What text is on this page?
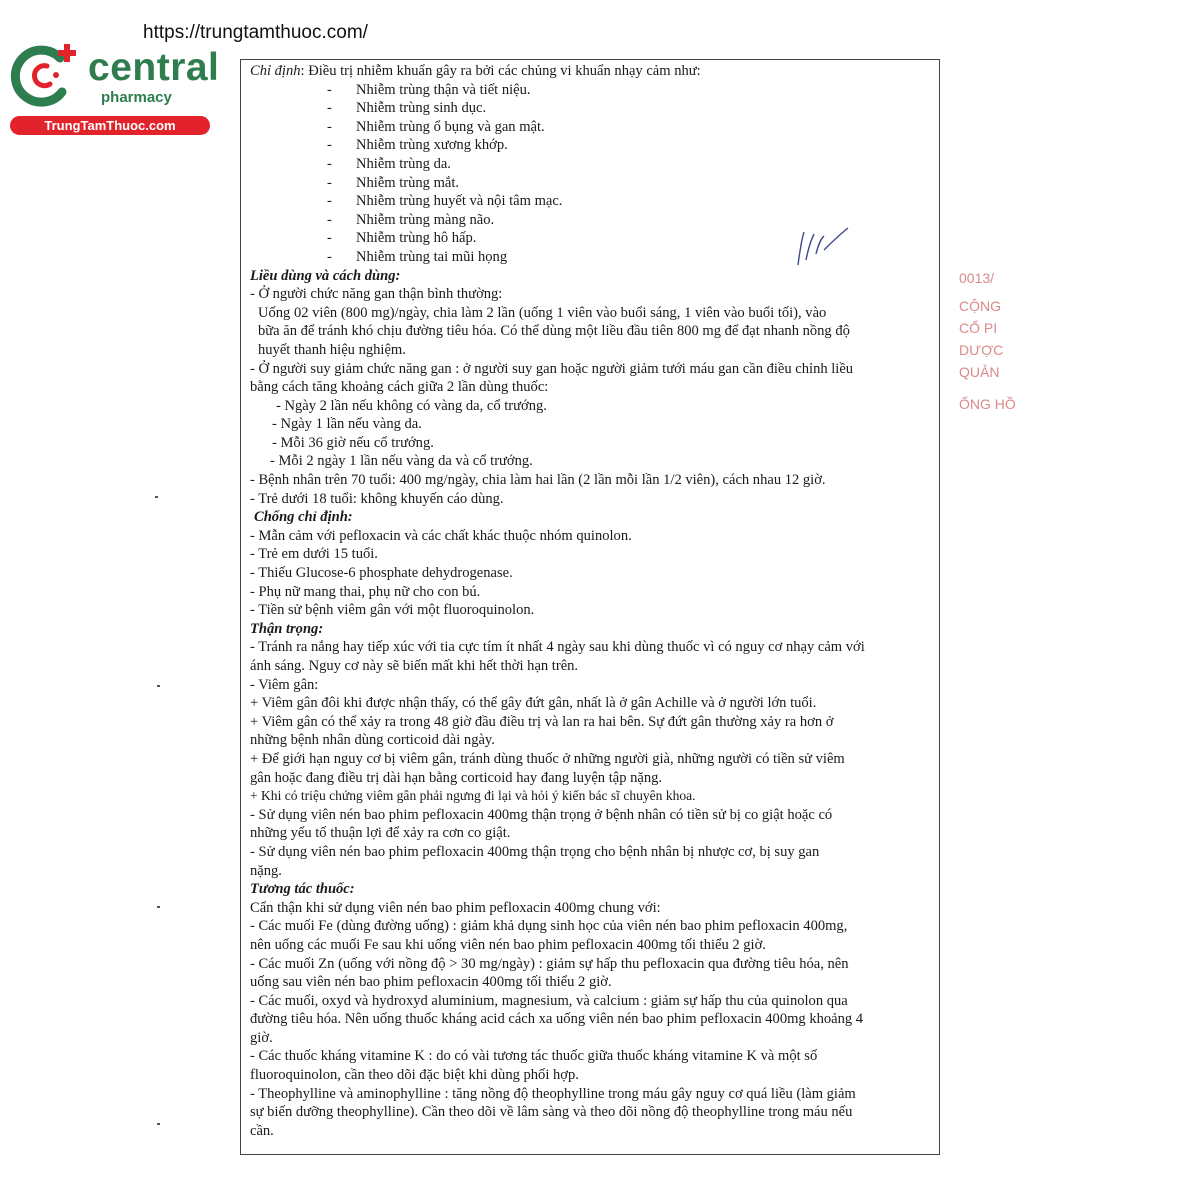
https://trungtamthuoc.com/
central
pharmacy
TrungTamThuoc.com
0013/
CỘNG
CỔ PI
DƯỢC
QUẢN
ỐNG HỒ
Chỉ định: Điều trị nhiễm khuẩn gây ra bởi các chủng vi khuẩn nhạy cảm như:
- Nhiễm trùng thận và tiết niệu.
- Nhiễm trùng sinh dục.
- Nhiễm trùng ổ bụng và gan mật.
- Nhiễm trùng xương khớp.
- Nhiễm trùng da.
- Nhiễm trùng mắt.
- Nhiễm trùng huyết và nội tâm mạc.
- Nhiễm trùng màng não.
- Nhiễm trùng hô hấp.
- Nhiễm trùng tai mũi họng
Liều dùng và cách dùng:
- Ở người chức năng gan thận bình thường:
Uống 02 viên (800 mg)/ngày, chia làm 2 lần (uống 1 viên vào buổi sáng, 1 viên vào buổi tối), vào
bữa ăn để tránh khó chịu đường tiêu hóa. Có thể dùng một liều đầu tiên 800 mg để đạt nhanh nồng độ
huyết thanh hiệu nghiệm.
- Ở người suy giảm chức năng gan : ở người suy gan hoặc người giảm tưới máu gan cần điều chỉnh liều
bằng cách tăng khoảng cách giữa 2 lần dùng thuốc:
- Ngày 2 lần nếu không có vàng da, cổ trướng.
- Ngày 1 lần nếu vàng da.
- Mỗi 36 giờ nếu cổ trướng.
- Mỗi 2 ngày 1 lần nếu vàng da và cổ trướng.
- Bệnh nhân trên 70 tuổi: 400 mg/ngày, chia làm hai lần (2 lần mỗi lần 1/2 viên), cách nhau 12 giờ.
- Trẻ dưới 18 tuổi: không khuyến cáo dùng.
Chống chỉ định:
- Mẫn cảm với pefloxacin và các chất khác thuộc nhóm quinolon.
- Trẻ em dưới 15 tuổi.
- Thiếu Glucose-6 phosphate dehydrogenase.
- Phụ nữ mang thai, phụ nữ cho con bú.
- Tiền sử bệnh viêm gân với một fluoroquinolon.
Thận trọng:
- Tránh ra nắng hay tiếp xúc với tia cực tím ít nhất 4 ngày sau khi dùng thuốc vì có nguy cơ nhạy cảm với
ánh sáng. Nguy cơ này sẽ biến mất khi hết thời hạn trên.
- Viêm gân:
+ Viêm gân đôi khi được nhận thấy, có thể gây đứt gân, nhất là ở gân Achille và ở người lớn tuổi.
+ Viêm gân có thể xảy ra trong 48 giờ đầu điều trị và lan ra hai bên. Sự đứt gân thường xảy ra hơn ở
những bệnh nhân dùng corticoid dài ngày.
+ Để giới hạn nguy cơ bị viêm gân, tránh dùng thuốc ở những người già, những người có tiền sử viêm
gân hoặc đang điều trị dài hạn bằng corticoid hay đang luyện tập nặng.
+ Khi có triệu chứng viêm gân phải ngưng đi lại và hỏi ý kiến bác sĩ chuyên khoa.
- Sử dụng viên nén bao phim pefloxacin 400mg thận trọng ở bệnh nhân có tiền sử bị co giật hoặc có
những yếu tố thuận lợi để xảy ra cơn co giật.
- Sử dụng viên nén bao phim pefloxacin 400mg thận trọng cho bệnh nhân bị nhược cơ, bị suy gan
nặng.
Tương tác thuốc:
Cẩn thận khi sử dụng viên nén bao phim pefloxacin 400mg chung với:
- Các muối Fe (dùng đường uống) : giảm khả dụng sinh học của viên nén bao phim pefloxacin 400mg,
nên uống các muối Fe sau khi uống viên nén bao phim pefloxacin 400mg tối thiểu 2 giờ.
- Các muối Zn (uống với nồng độ > 30 mg/ngày) : giảm sự hấp thu pefloxacin qua đường tiêu hóa, nên
uống sau viên nén bao phim pefloxacin 400mg tối thiểu 2 giờ.
- Các muối, oxyd và hydroxyd aluminium, magnesium, và calcium : giảm sự hấp thu của quinolon qua
đường tiêu hóa. Nên uống thuốc kháng acid cách xa uống viên nén bao phim pefloxacin 400mg khoảng 4
giờ.
- Các thuốc kháng vitamine K : do có vài tương tác thuốc giữa thuốc kháng vitamine K và một số
fluoroquinolon, cần theo dõi đặc biệt khi dùng phối hợp.
- Theophylline và aminophylline : tăng nồng độ theophylline trong máu gây nguy cơ quá liều (làm giảm
sự biến dưỡng theophylline). Cần theo dõi về lâm sàng và theo dõi nồng độ theophylline trong máu nếu
cần.
